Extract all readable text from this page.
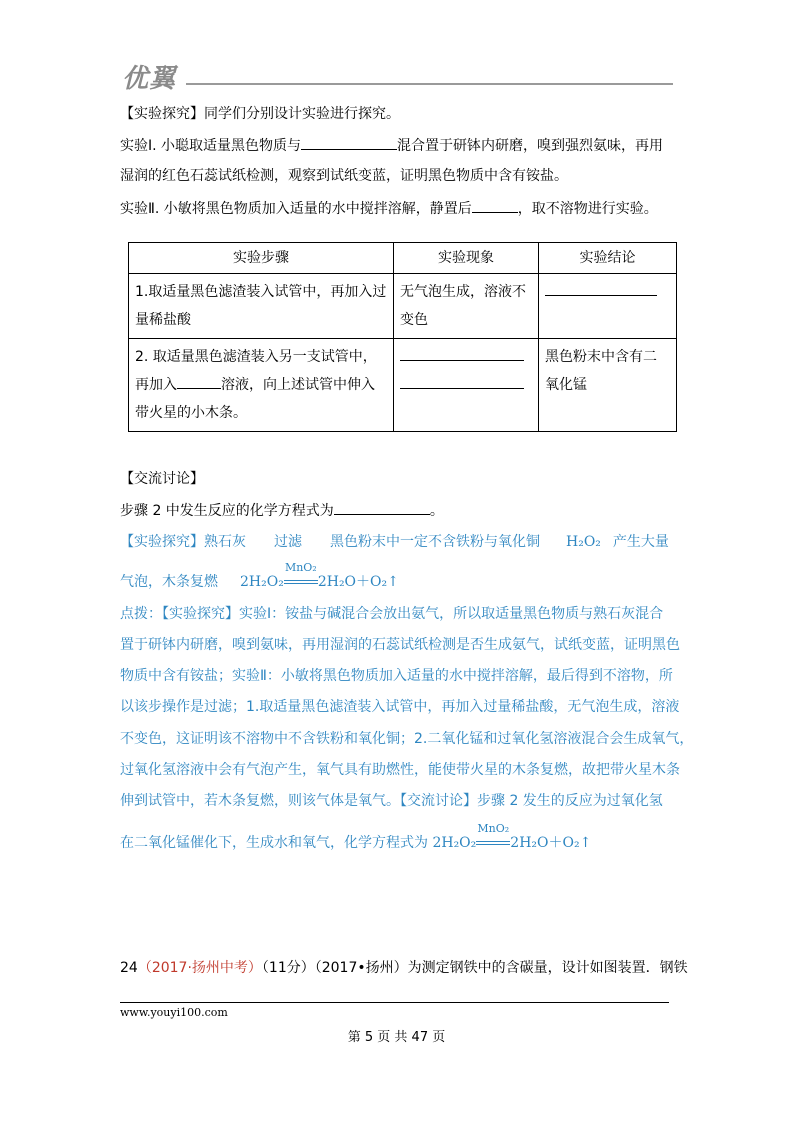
优翼
【实验探究】同学们分别设计实验进行探究。
实验Ⅰ. 小聪取适量黑色物质与	混合置于研钵内研磨，嗅到强烈氨味，再用
湿润的红色石蕊试纸检测，观察到试纸变蓝，证明黑色物质中含有铵盐。
实验Ⅱ. 小敏将黑色物质加入适量的水中搅拌溶解，静置后	，取不溶物进行实验。
实验步骤	实验现象	实验结论
1.取适量黑色滤渣装入试管中，再加入过量稀盐酸	无气泡生成，溶液不变色	
2. 取适量黑色滤渣装入另一支试管中，再加入 溶液，向上述试管中伸入带火星的小木条。		黑色粉末中含有二氧化锰
【交流讨论】
步骤 2 中发生反应的化学方程式为	。
【实验探究】熟石灰 过滤 黑色粉末中一定不含铁粉与氧化铜 H₂O₂ 产生大量
气泡，木条复燃 2H₂O₂
MnO₂
2H₂O＋O₂↑
点拨：【实验探究】实验Ⅰ：铵盐与碱混合会放出氨气，所以取适量黑色物质与熟石灰混合
置于研钵内研磨，嗅到氨味，再用湿润的石蕊试纸检测是否生成氨气，试纸变蓝，证明黑色
物质中含有铵盐；实验Ⅱ：小敏将黑色物质加入适量的水中搅拌溶解，最后得到不溶物，所
以该步操作是过滤；1.取适量黑色滤渣装入试管中，再加入过量稀盐酸，无气泡生成，溶液
不变色，这证明该不溶物中不含铁粉和氧化铜；2.二氧化锰和过氧化氢溶液混合会生成氧气，
过氧化氢溶液中会有气泡产生，氧气具有助燃性，能使带火星的木条复燃，故把带火星木条
伸到试管中，若木条复燃，则该气体是氧气。【交流讨论】步骤 2 发生的反应为过氧化氢
在二氧化锰催化下，生成水和氧气，化学方程式为 2H₂O₂
MnO₂
2H₂O＋O₂↑
24（2017·扬州中考）（11分）（2017•扬州）为测定钢铁中的含碳量，设计如图装置．钢铁
www.youyi100.com
第 5 页 共 47 页
